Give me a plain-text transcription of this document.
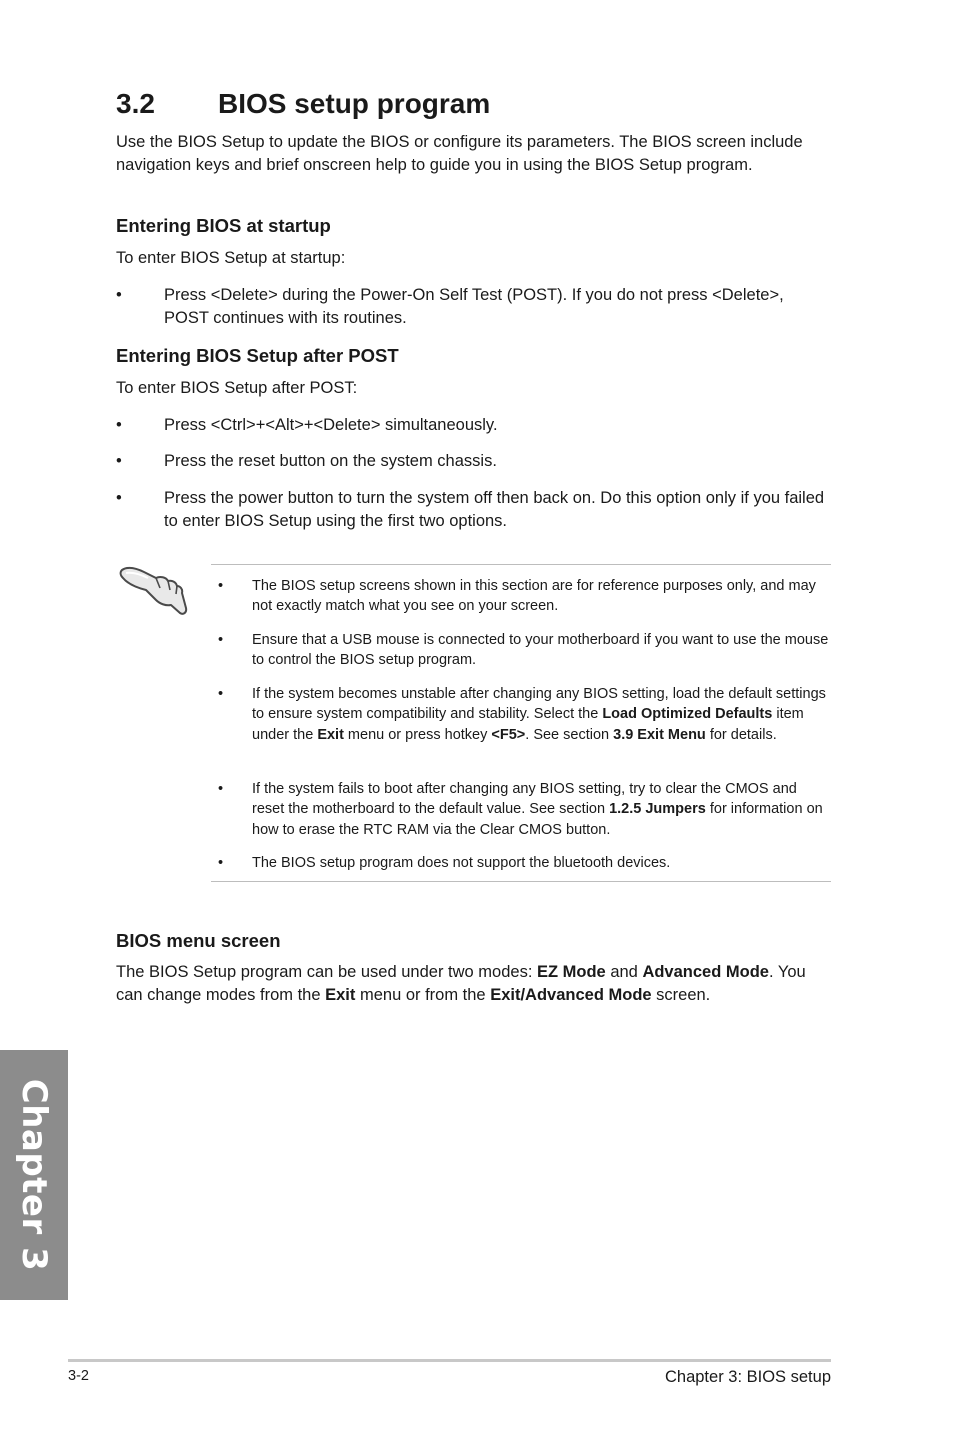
3.2 BIOS setup program
Use the BIOS Setup to update the BIOS or configure its parameters. The BIOS screen include navigation keys and brief onscreen help to guide you in using the BIOS Setup program.
Entering BIOS at startup
To enter BIOS Setup at startup:
•	Press <Delete> during the Power-On Self Test (POST). If you do not press <Delete>, POST continues with its routines.
Entering BIOS Setup after POST
To enter BIOS Setup after POST:
•	Press <Ctrl>+<Alt>+<Delete> simultaneously.
•	Press the reset button on the system chassis.
•	Press the power button to turn the system off then back on. Do this option only if you failed to enter BIOS Setup using the first two options.
• The BIOS setup screens shown in this section are for reference purposes only, and may not exactly match what you see on your screen.
• Ensure that a USB mouse is connected to your motherboard if you want to use the mouse to control the BIOS setup program.
• If the system becomes unstable after changing any BIOS setting, load the default settings to ensure system compatibility and stability. Select the Load Optimized Defaults item under the Exit menu or press hotkey <F5>. See section 3.9 Exit Menu for details.
• If the system fails to boot after changing any BIOS setting, try to clear the CMOS and reset the motherboard to the default value. See section 1.2.5 Jumpers for information on how to erase the RTC RAM via the Clear CMOS button.
• The BIOS setup program does not support the bluetooth devices.
BIOS menu screen
The BIOS Setup program can be used under two modes: EZ Mode and Advanced Mode. You can change modes from the Exit menu or from the Exit/Advanced Mode screen.
Chapter 3
3-2	Chapter 3: BIOS setup
